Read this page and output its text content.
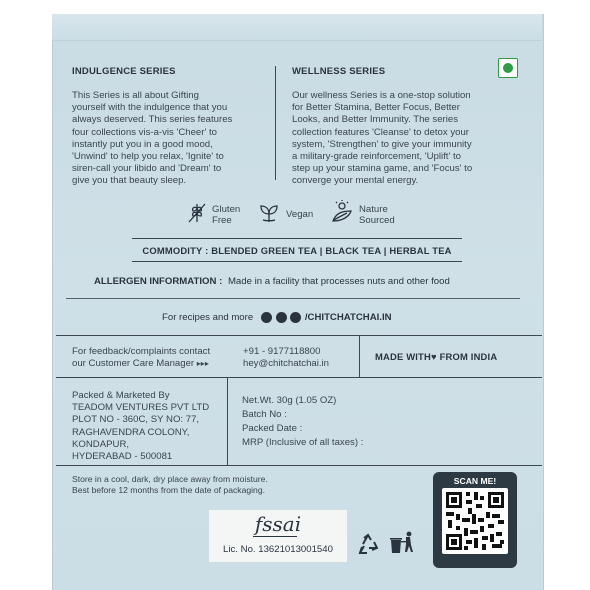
INDULGENCE SERIES
This Series is all about Gifting
yourself with the indulgence that you
always deserved. This series features
four collections vis-a-vis 'Cheer' to
instantly put you in a good mood,
'Unwind' to help you relax, 'Ignite' to
siren-call your libido and 'Dream' to
give you that beauty sleep.
WELLNESS SERIES
Our wellness Series is a one-stop solution
for Better Stamina, Better Focus, Better
Looks, and Better Immunity. The series
collection features 'Cleanse' to detox your
system, 'Strengthen' to give your immunity
a military-grade reinforcement, 'Uplift' to
step up your stamina game, and 'Focus' to
converge your mental energy.
Gluten
Free
Vegan	Nature
Sourced
COMMODITY : BLENDED GREEN TEA | BLACK TEA | HERBAL TEA
ALLERGEN INFORMATION : Made in a facility that processes nuts and other food
For recipes and more	/CHITCHATCHAI.IN
For feedback/complaints contact
our Customer Care Manager ▸▸▸
+91 - 9177118800
hey@chitchatchai.in
MADE WITH♥ FROM INDIA
Packed & Marketed By
TEADOM VENTURES PVT LTD
PLOT NO - 360C, SY NO: 77,
RAGHAVENDRA COLONY,
KONDAPUR,
HYDERABAD - 500081
Net.Wt. 30g (1.05 OZ)
Batch No :
Packed Date :
MRP (Inclusive of all taxes) :
Store in a cool, dark, dry place away from moisture.
Best before 12 months from the date of packaging.
fssai
Lic. No. 13621013001540
SCAN ME!
